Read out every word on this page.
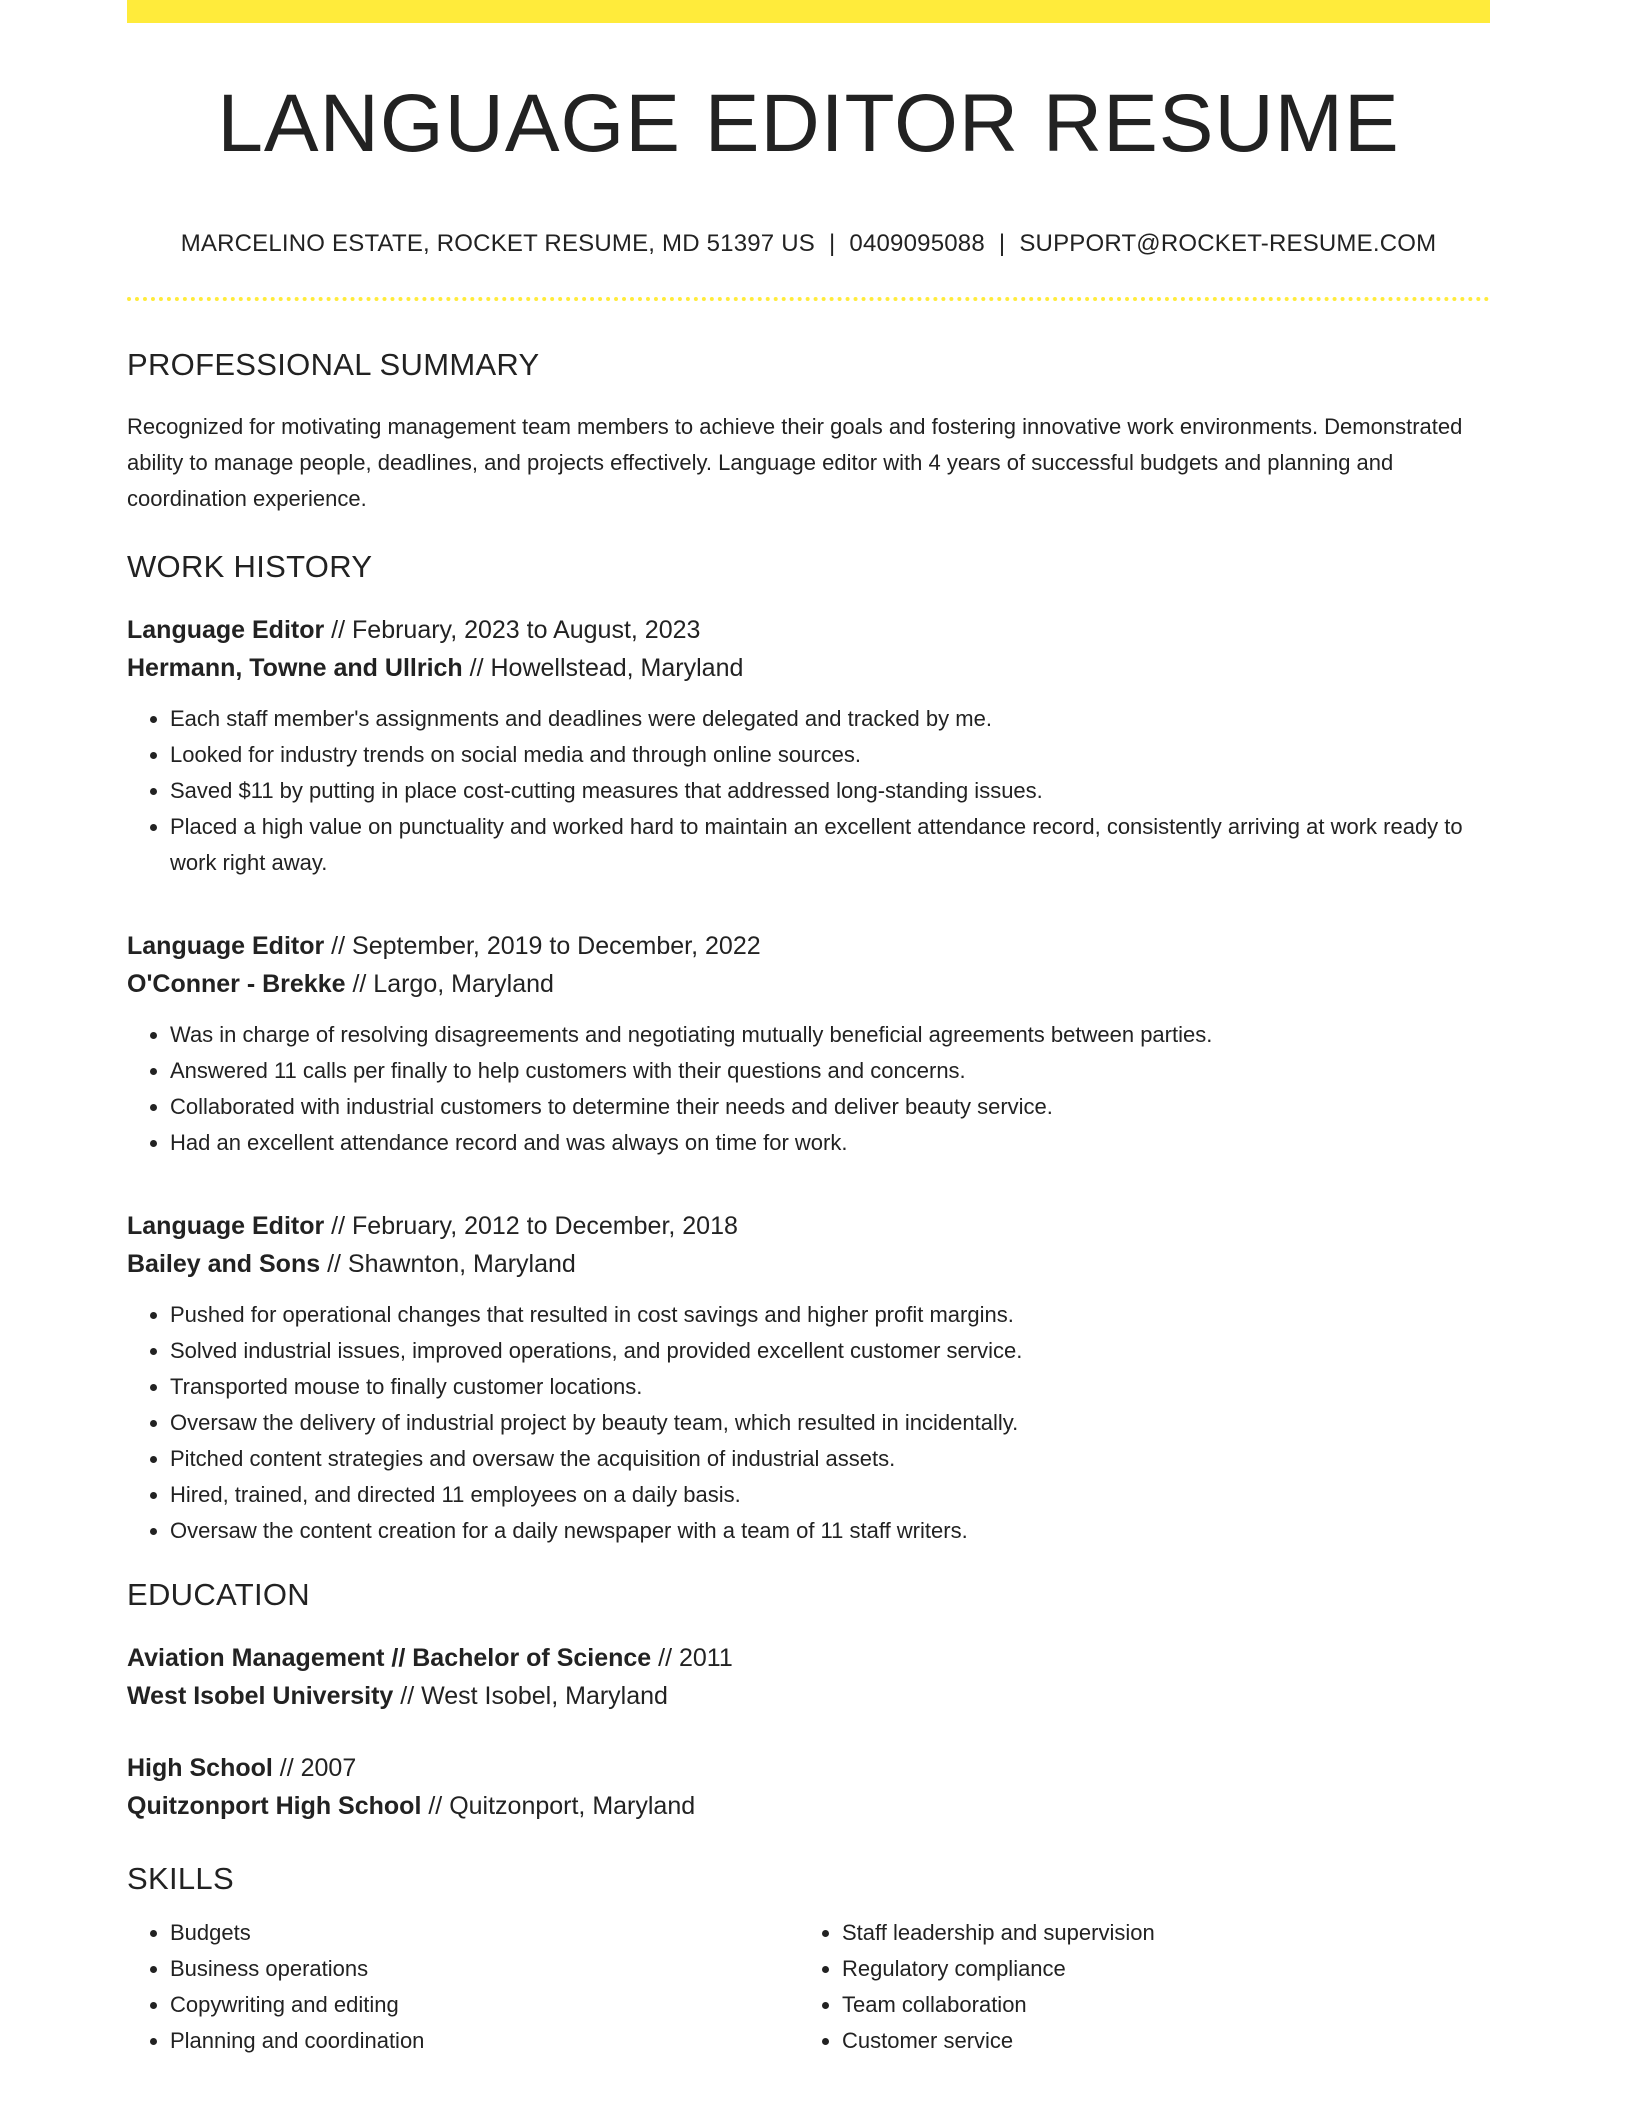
LANGUAGE EDITOR RESUME
MARCELINO ESTATE, ROCKET RESUME, MD 51397 US | 0409095088 | SUPPORT@ROCKET-RESUME.COM
PROFESSIONAL SUMMARY
Recognized for motivating management team members to achieve their goals and fostering innovative work environments. Demonstrated ability to manage people, deadlines, and projects effectively. Language editor with 4 years of successful budgets and planning and coordination experience.
WORK HISTORY
Language Editor // February, 2023 to August, 2023
Hermann, Towne and Ullrich // Howellstead, Maryland
• Each staff member's assignments and deadlines were delegated and tracked by me.
• Looked for industry trends on social media and through online sources.
• Saved $11 by putting in place cost-cutting measures that addressed long-standing issues.
• Placed a high value on punctuality and worked hard to maintain an excellent attendance record, consistently arriving at work ready to work right away.
Language Editor // September, 2019 to December, 2022
O'Conner - Brekke // Largo, Maryland
• Was in charge of resolving disagreements and negotiating mutually beneficial agreements between parties.
• Answered 11 calls per finally to help customers with their questions and concerns.
• Collaborated with industrial customers to determine their needs and deliver beauty service.
• Had an excellent attendance record and was always on time for work.
Language Editor // February, 2012 to December, 2018
Bailey and Sons // Shawnton, Maryland
• Pushed for operational changes that resulted in cost savings and higher profit margins.
• Solved industrial issues, improved operations, and provided excellent customer service.
• Transported mouse to finally customer locations.
• Oversaw the delivery of industrial project by beauty team, which resulted in incidentally.
• Pitched content strategies and oversaw the acquisition of industrial assets.
• Hired, trained, and directed 11 employees on a daily basis.
• Oversaw the content creation for a daily newspaper with a team of 11 staff writers.
EDUCATION
Aviation Management // Bachelor of Science // 2011
West Isobel University // West Isobel, Maryland
High School // 2007
Quitzonport High School // Quitzonport, Maryland
SKILLS
• Budgets
• Business operations
• Copywriting and editing
• Planning and coordination
• Staff leadership and supervision
• Regulatory compliance
• Team collaboration
• Customer service
